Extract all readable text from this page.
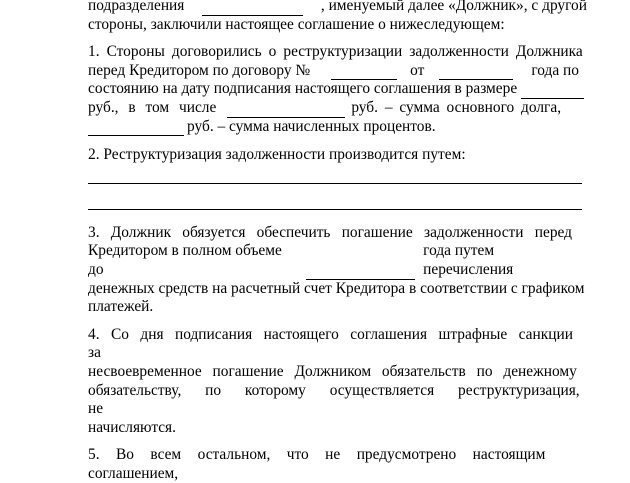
подразделения	, именуемый далее «Должник», с другой

стороны, заключили настоящее соглашение о нижеследующем:

1. Стороны договорились о реструктуризации задолженности Должника
перед Кредитором по договору №	от	года по
состоянию на дату подписания настоящего соглашения в размере
руб., в том числе	руб. – сумма основного долга,
руб. – сумма начисленных процентов.

2. Реструктуризация задолженности производится путем:

3. Должник обязуется обеспечить погашение задолженности перед
Кредитором в полном объеме до
года путем перечисления
денежных средств на расчетный счет Кредитора в соответствии с графиком
платежей.
4. Со дня подписания настоящего соглашения штрафные санкции за
несвоевременное погашение Должником обязательств по денежному
обязательству, по которому осуществляется реструктуризация, не
начисляются.
5. Во всем остальном, что не предусмотрено настоящим соглашением,
